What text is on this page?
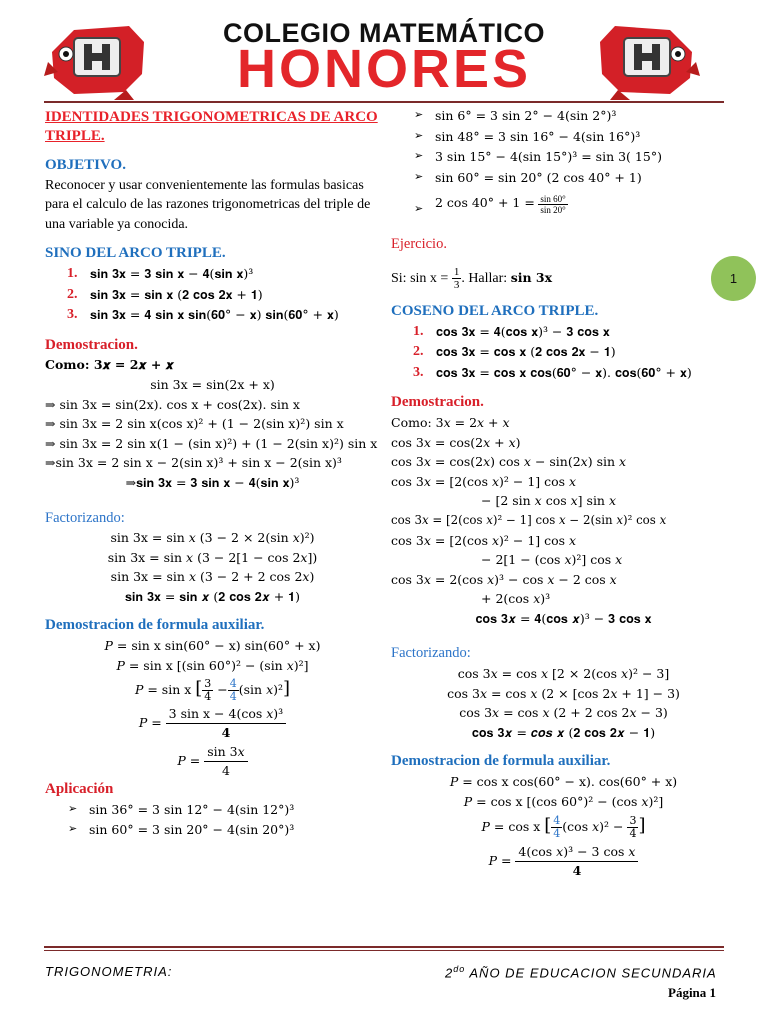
COLEGIO MATEMÁTICO
HONORES

IDENTIDADES TRIGONOMETRICAS DE ARCO TRIPLE.

OBJETIVO.

Reconocer y usar convenientemente las formulas basicas para el calculo de las razones trigonometricas del triple de una variable ya conocida.

SINO DEL ARCO TRIPLE.

1. 𝐬𝐢𝐧 𝟑𝐱 = 𝟑 𝐬𝐢𝐧 𝐱 − 𝟒(𝐬𝐢𝐧 𝐱)³
2. 𝐬𝐢𝐧 𝟑𝐱 = 𝐬𝐢𝐧 𝐱 (𝟐 𝐜𝐨𝐬 𝟐𝐱 + 𝟏)
3. 𝐬𝐢𝐧 𝟑𝐱 = 𝟒 𝐬𝐢𝐧 𝐱 𝐬𝐢𝐧(𝟔𝟎° − 𝐱) 𝐬𝐢𝐧(𝟔𝟎° + 𝐱)

Demostracion.

Como: 𝟑𝒙 = 𝟐𝒙 + 𝒙

sin 3x = sin(2x + x)

⇒ sin 3x = sin(2x). cos x + cos(2x). sin x

⇒ sin 3x = 2 sin x(cos x)² + (1 − 2(sin x)²) sin x

⇒ sin 3x = 2 sin x(1 − (sin x)²) + (1 − 2(sin x)²) sin x

⇒sin 3x = 2 sin x − 2(sin x)³ + sin x − 2(sin x)³

⇒𝐬𝐢𝐧 𝟑𝐱 = 𝟑 𝐬𝐢𝐧 𝐱 − 𝟒(𝐬𝐢𝐧 𝐱)³

Factorizando:

sin 3x = sin 𝑥 (3 − 2 × 2(sin 𝑥)²)

sin 3x = sin 𝑥 (3 − 2[1 − cos 2𝑥])

sin 3x = sin 𝑥 (3 − 2 + 2 cos 2𝑥)

𝐬𝐢𝐧 𝟑𝐱 = 𝐬𝐢𝐧 𝒙 (𝟐 𝐜𝐨𝐬 𝟐𝒙 + 𝟏)

Demostracion de formula auxiliar.

𝑃 = sin x sin(60° − x) sin(60° + x)

𝑃 = sin x [(sin 60°)² − (sin 𝑥)²]

𝑃 = sin x [ $\frac{3}{4} - \frac{4}{4} (\sin$ 𝑥)²]

𝑃 = $\frac{\text{3 sin x − 4(cos 𝑥)³}}{4}$

𝑃 = $\frac{\text{sin 3𝑥}}{4}$

Aplicación

➢ sin 36° = 3 sin 12° − 4(sin 12°)³
➢ sin 60° = 3 sin 20° − 4(sin 20°)³
➢ sin 6° = 3 sin 2° − 4(sin 2°)³
➢ sin 48° = 3 sin 16° − 4(sin 16°)³
➢ 3 sin 15° − 4(sin 15°)³ = sin 3( 15°)
➢ sin 60° = sin 20° (2 cos 40° + 1)
➢ 2 $\cos 40^\circ + 1 = \frac{\sin 60^\circ}{\sin 20^\circ}$

Ejercicio.

Si: $\sin x = \frac{1}{3}$ . Hallar: 𝐬𝐢𝐧 𝟑𝐱

COSENO DEL ARCO TRIPLE.

1. 𝐜𝐨𝐬 𝟑𝐱 = 𝟒(𝐜𝐨𝐬 𝐱)³ − 𝟑 𝐜𝐨𝐬 𝐱
2. 𝐜𝐨𝐬 𝟑𝐱 = 𝐜𝐨𝐬 𝐱 (𝟐 𝐜𝐨𝐬 𝟐𝐱 − 𝟏)
3. 𝐜𝐨𝐬 𝟑𝐱 = 𝐜𝐨𝐬 𝐱 𝐜𝐨𝐬(𝟔𝟎° − 𝐱). 𝐜𝐨𝐬(𝟔𝟎° + 𝐱)

Demostracion.

Como: 3𝑥 = 2𝑥 + 𝑥

cos 3𝑥 = cos(2𝑥 + 𝑥)

cos 3𝑥 = cos(2𝑥) cos 𝑥 − sin(2𝑥) sin 𝑥

cos 3𝑥 = [2(cos 𝑥)² − 1] cos 𝑥

− [2 sin 𝑥 cos 𝑥] sin 𝑥

cos 3𝑥 = [2(cos 𝑥)² − 1] cos 𝑥 − 2(sin 𝑥)² cos 𝑥

cos 3𝑥 = [2(cos 𝑥)² − 1] cos 𝑥

− 2[1 − (cos 𝑥)²] cos 𝑥

cos 3𝑥 = 2(cos 𝑥)³ − cos 𝑥 − 2 cos 𝑥

+ 2(cos 𝑥)³

𝐜𝐨𝐬 𝟑𝒙 = 𝟒(𝐜𝐨𝐬 𝒙)³ − 𝟑 𝐜𝐨𝐬 𝐱

Factorizando:

cos 3𝑥 = cos 𝑥 [2 × 2(cos 𝑥)² − 3]

cos 3𝑥 = cos 𝑥 (2 × [cos 2𝑥 + 1] − 3)

cos 3𝑥 = cos 𝑥 (2 + 2 cos 2𝑥 − 3)

𝐜𝐨𝐬 𝟑𝒙 = 𝒄𝒐𝒔 𝒙 (𝟐 𝐜𝐨𝐬 𝟐𝒙 − 𝟏)

Demostracion de formula auxiliar.

𝑃 = cos x cos(60° − x). cos(60° + x)

𝑃 = cos x [(cos 60°)² − (cos 𝑥)²]

𝑃 = cos x [ $\frac{4}{4} (\cos$ 𝑥)² − $\frac{3}{4}$ ]

𝑃 = $\frac{\text{4(cos 𝑥)³ − 3 cos 𝑥}}{4}$

1
TRIGONOMETRIA:	$2^{do}$ AÑO DE EDUCACION SECUNDARIA
Página 1
